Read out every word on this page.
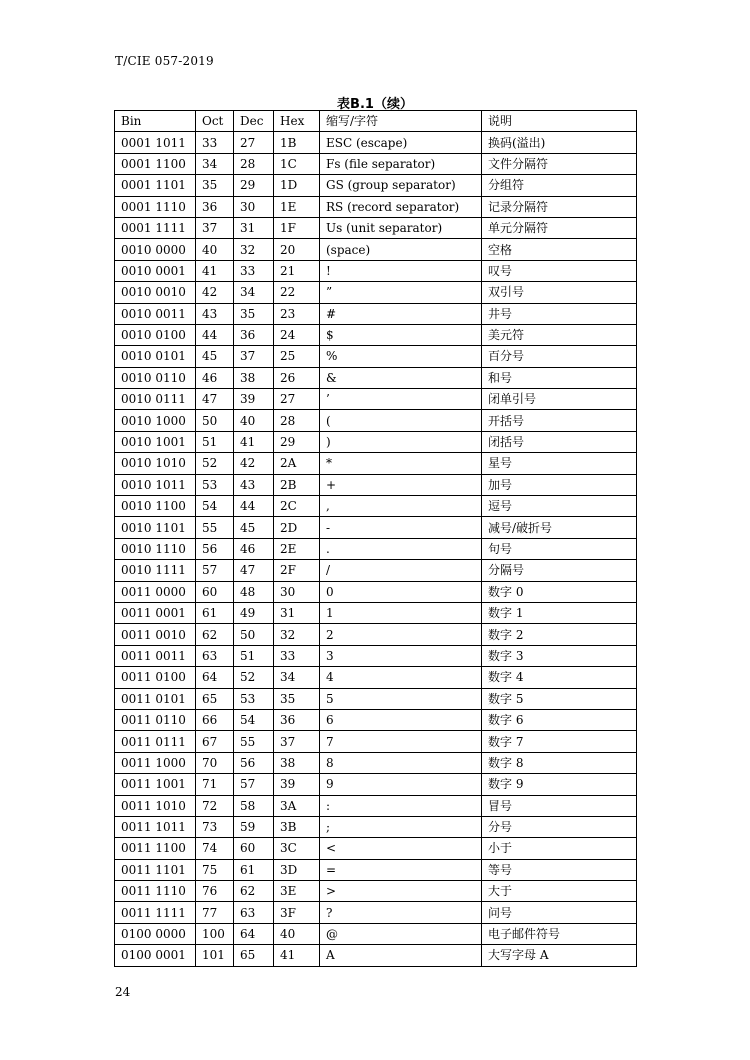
T/CIE 057-2019
表B.1（续）
Bin	Oct	Dec	Hex	缩写/字符	说明
0001 1011	33	27	1B	ESC (escape)	换码(溢出)
0001 1100	34	28	1C	Fs (file separator)	文件分隔符
0001 1101	35	29	1D	GS (group separator)	分组符
0001 1110	36	30	1E	RS (record separator)	记录分隔符
0001 1111	37	31	1F	Us (unit separator)	单元分隔符
0010 0000	40	32	20	(space)	空格
0010 0001	41	33	21	!	叹号
0010 0010	42	34	22	”	双引号
0010 0011	43	35	23	#	井号
0010 0100	44	36	24	$	美元符
0010 0101	45	37	25	%	百分号
0010 0110	46	38	26	&	和号
0010 0111	47	39	27	’	闭单引号
0010 1000	50	40	28	(	开括号
0010 1001	51	41	29	)	闭括号
0010 1010	52	42	2A	*	星号
0010 1011	53	43	2B	+	加号
0010 1100	54	44	2C	,	逗号
0010 1101	55	45	2D	-	减号/破折号
0010 1110	56	46	2E	.	句号
0010 1111	57	47	2F	/	分隔号
0011 0000	60	48	30	0	数字 0
0011 0001	61	49	31	1	数字 1
0011 0010	62	50	32	2	数字 2
0011 0011	63	51	33	3	数字 3
0011 0100	64	52	34	4	数字 4
0011 0101	65	53	35	5	数字 5
0011 0110	66	54	36	6	数字 6
0011 0111	67	55	37	7	数字 7
0011 1000	70	56	38	8	数字 8
0011 1001	71	57	39	9	数字 9
0011 1010	72	58	3A	:	冒号
0011 1011	73	59	3B	;	分号
0011 1100	74	60	3C	<	小于
0011 1101	75	61	3D	=	等号
0011 1110	76	62	3E	>	大于
0011 1111	77	63	3F	?	问号
0100 0000	100	64	40	@	电子邮件符号
0100 0001	101	65	41	A	大写字母 A
24
